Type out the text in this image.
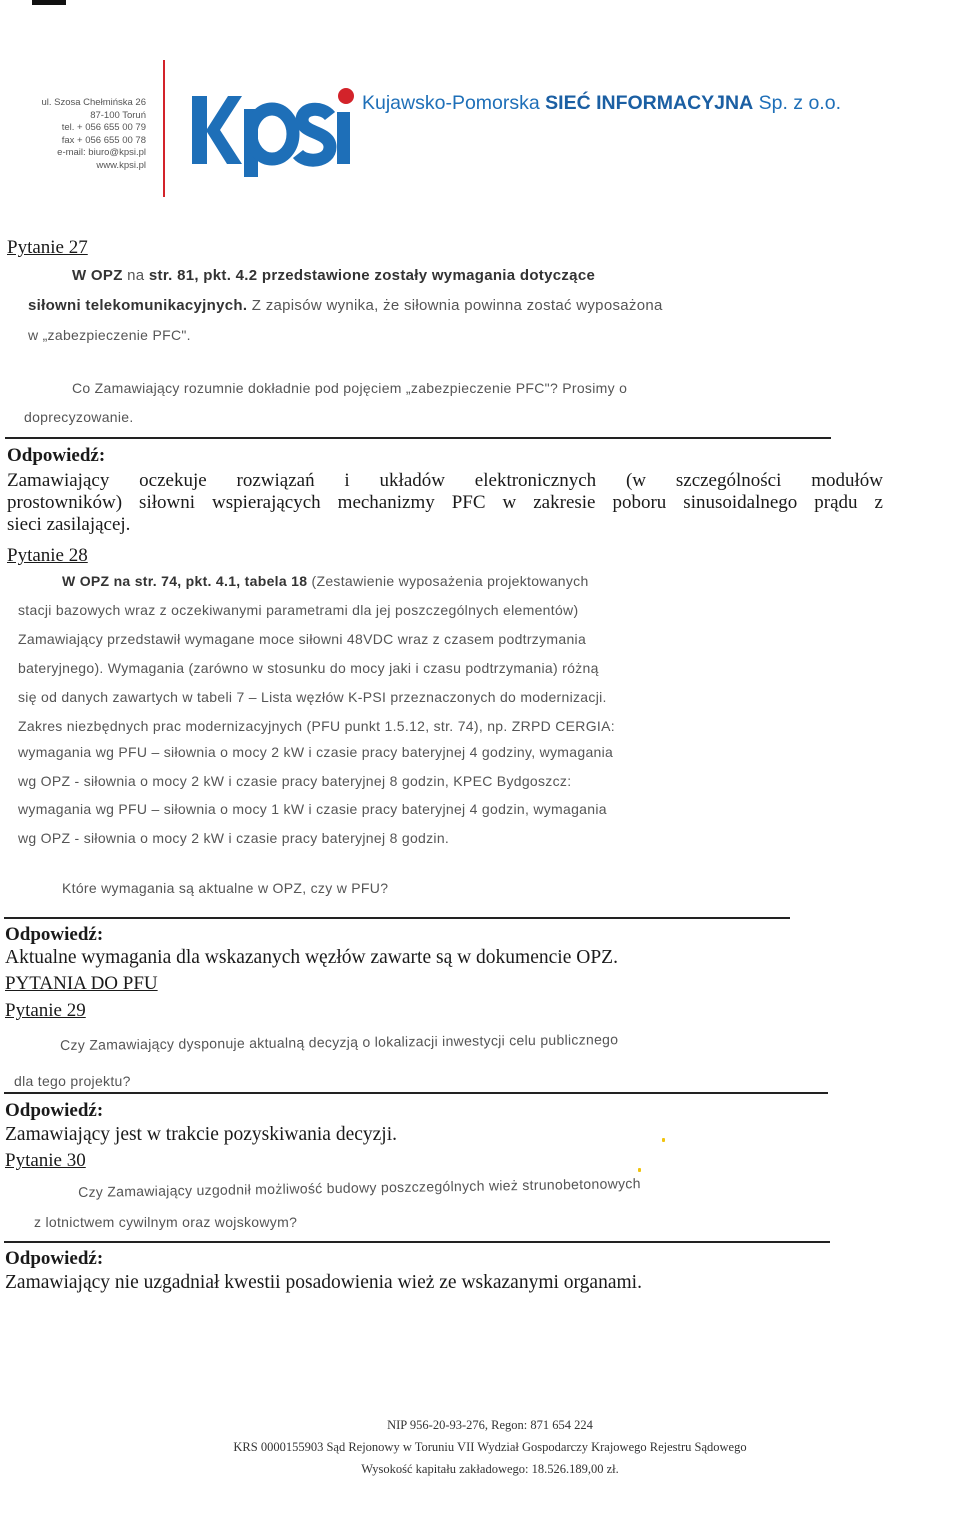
ul. Szosa Chełmińska 26
87-100 Toruń
tel. + 056 655 00 79
fax + 056 655 00 78
e-mail: biuro@kpsi.pl
www.kpsi.pl
Kujawsko-Pomorska SIEĆ INFORMACYJNA Sp. z o.o.
Pytanie 27
W OPZ na str. 81, pkt. 4.2 przedstawione zostały wymagania dotyczące
siłowni telekomunikacyjnych. Z zapisów wynika, że siłownia powinna zostać wyposażona
w „zabezpieczenie PFC".
Co Zamawiający rozumnie dokładnie pod pojęciem „zabezpieczenie PFC"? Prosimy o
doprecyzowanie.
Odpowiedź:
Zamawiający oczekuje rozwiązań i układów elektronicznych (w szczególności modułów
prostowników) siłowni wspierających mechanizmy PFC w zakresie poboru sinusoidalnego prądu z
sieci zasilającej.
Pytanie 28
W OPZ na str. 74, pkt. 4.1, tabela 18 (Zestawienie wyposażenia projektowanych
stacji bazowych wraz z oczekiwanymi parametrami dla jej poszczególnych elementów)
Zamawiający przedstawił wymagane moce siłowni 48VDC wraz z czasem podtrzymania
bateryjnego). Wymagania (zarówno w stosunku do mocy jaki i czasu podtrzymania) różną
się od danych zawartych w tabeli 7 – Lista węzłów K-PSI przeznaczonych do modernizacji.
Zakres niezbędnych prac modernizacyjnych (PFU punkt 1.5.12, str. 74), np. ZRPD CERGIA:
wymagania wg PFU – siłownia o mocy 2 kW i czasie pracy bateryjnej 4 godziny, wymagania
wg OPZ - siłownia o mocy 2 kW i czasie pracy bateryjnej 8 godzin, KPEC Bydgoszcz:
wymagania wg PFU – siłownia o mocy 1 kW i czasie pracy bateryjnej 4 godzin, wymagania
wg OPZ - siłownia o mocy 2 kW i czasie pracy bateryjnej 8 godzin.
Które wymagania są aktualne w OPZ, czy w PFU?
Odpowiedź:
Aktualne wymagania dla wskazanych węzłów zawarte są w dokumencie OPZ.
PYTANIA DO PFU
Pytanie 29
Czy Zamawiający dysponuje aktualną decyzją o lokalizacji inwestycji celu publicznego
dla tego projektu?
Odpowiedź:
Zamawiający jest w trakcie pozyskiwania decyzji.
Pytanie 30
Czy Zamawiający uzgodnił możliwość budowy poszczególnych wież strunobetonowych
z lotnictwem cywilnym oraz wojskowym?
Odpowiedź:
Zamawiający nie uzgadniał kwestii posadowienia wież ze wskazanymi organami.
NIP 956-20-93-276, Regon: 871 654 224
KRS 0000155903 Sąd Rejonowy w Toruniu VII Wydział Gospodarczy Krajowego Rejestru Sądowego
Wysokość kapitału zakładowego: 18.526.189,00 zł.
